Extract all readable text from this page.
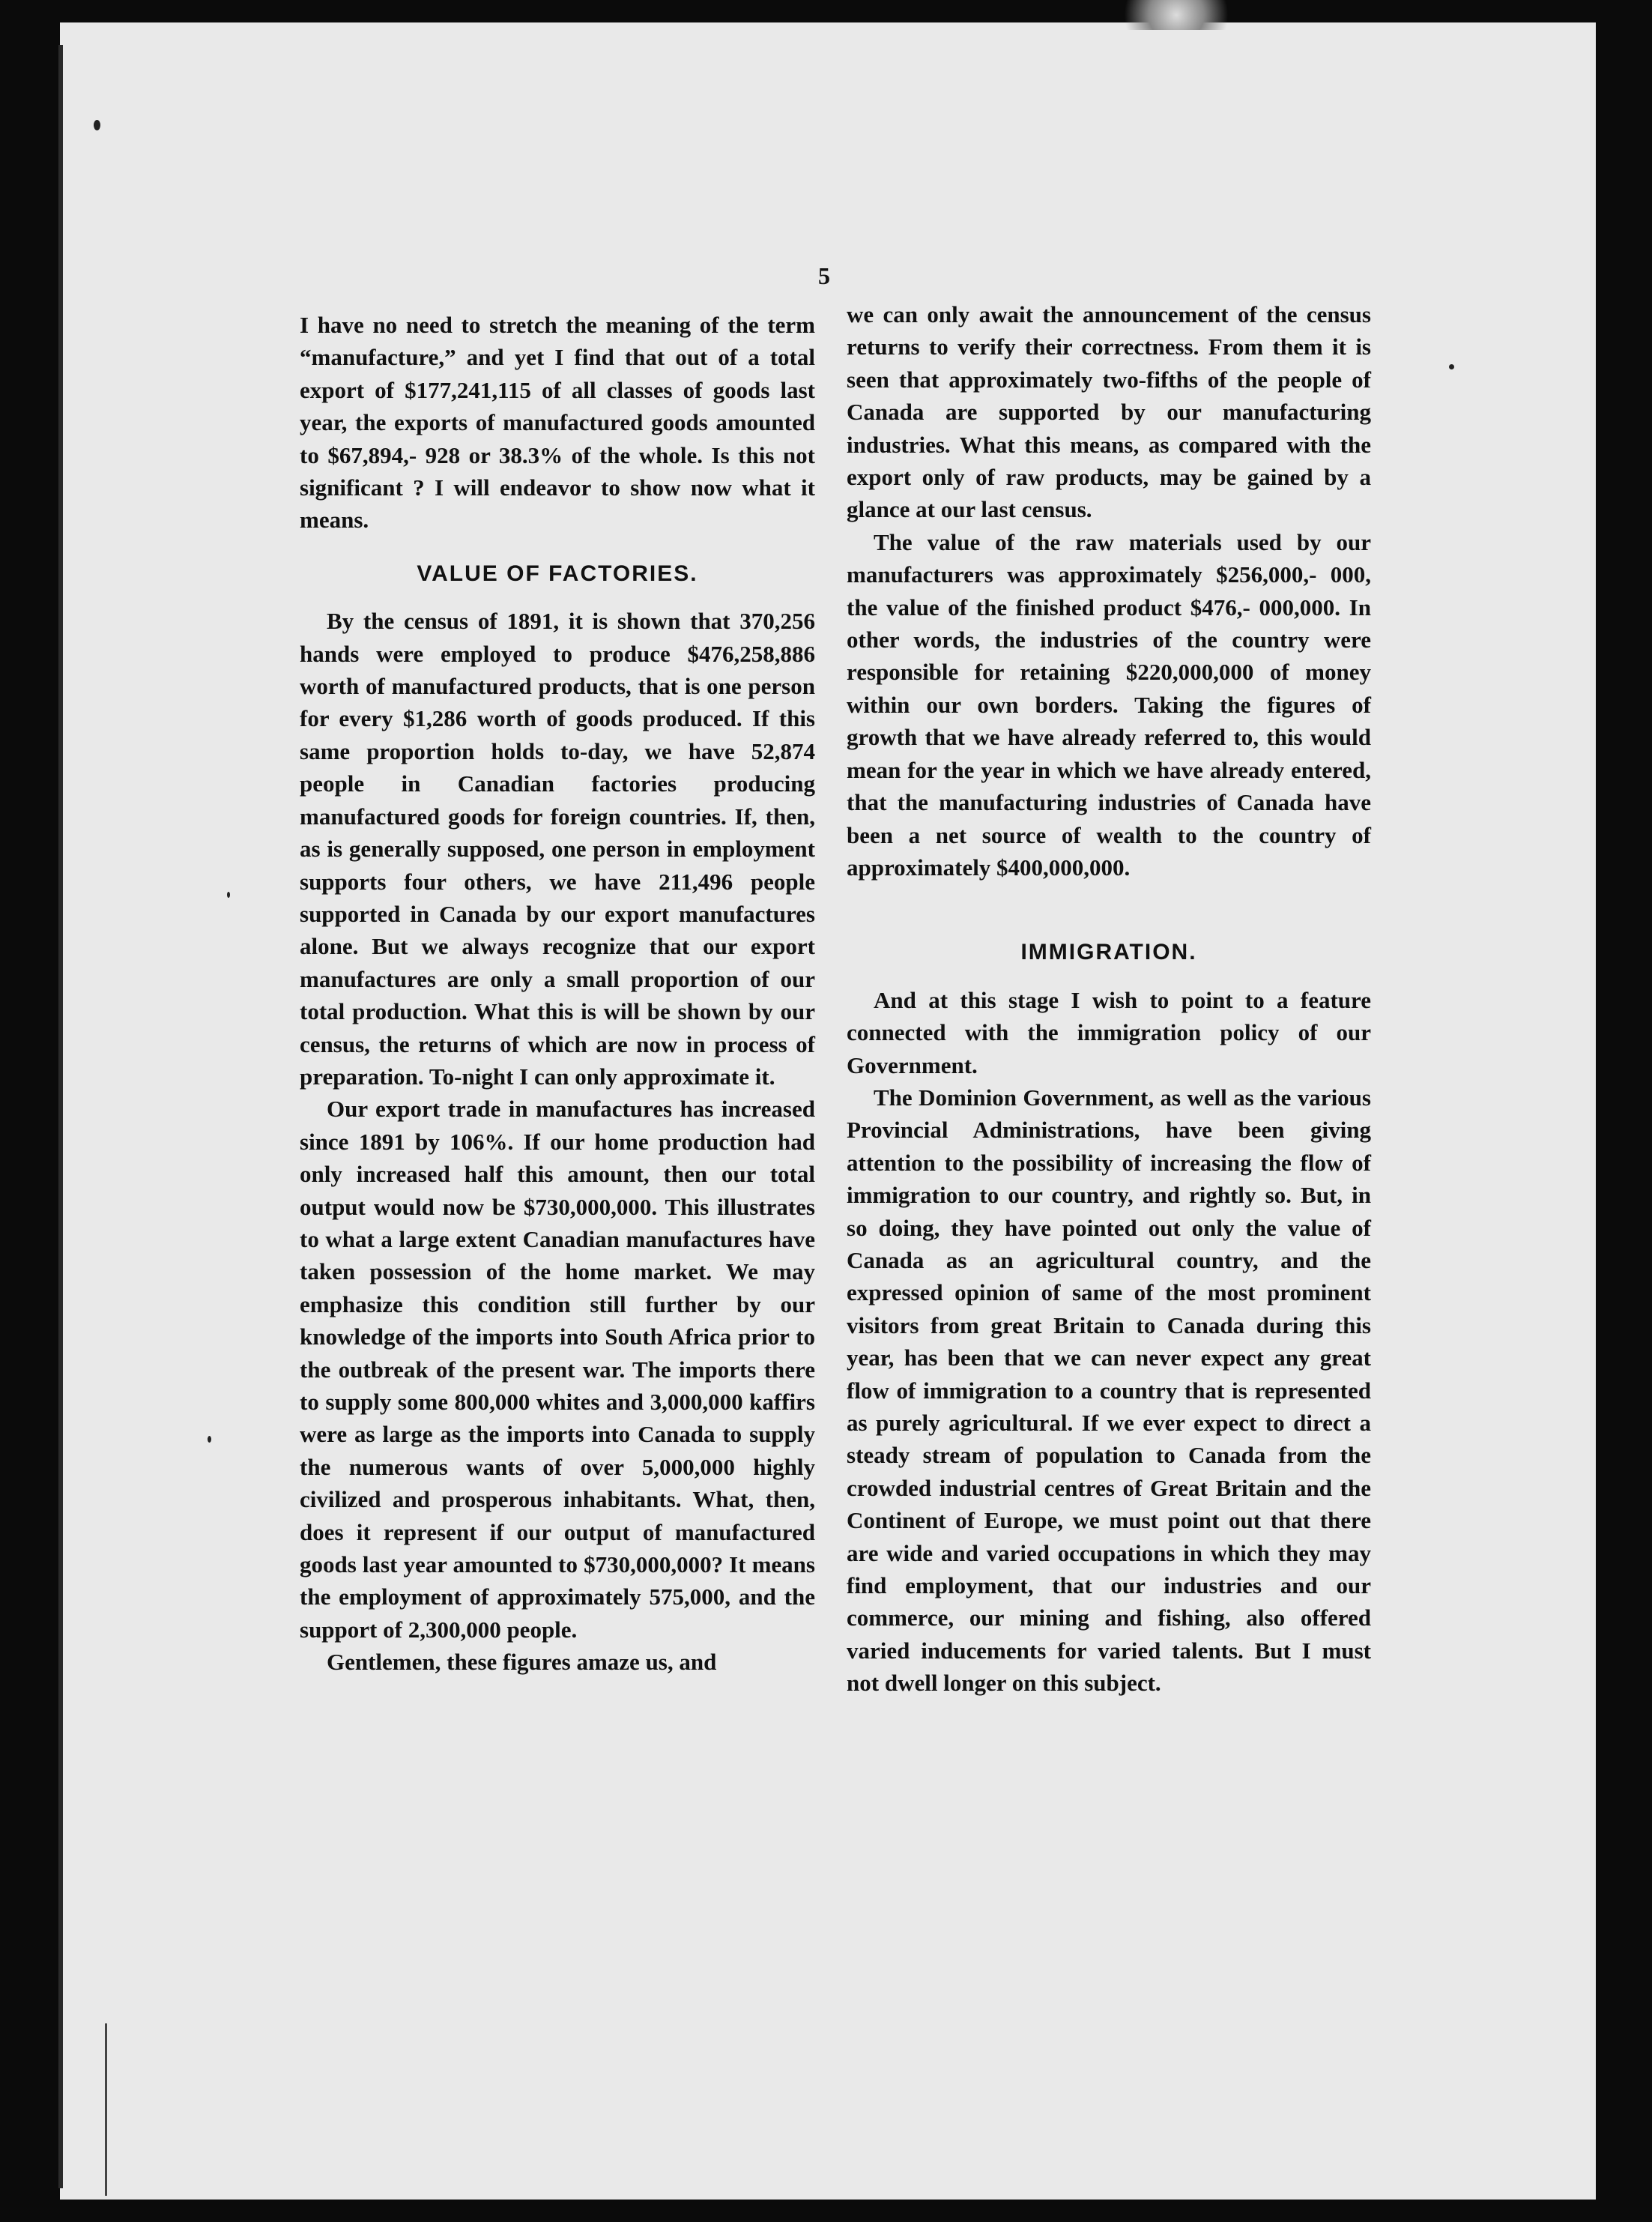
5

I have no need to stretch the meaning of the term “manufacture,” and yet I find that out of a total export of $177,241,115 of all classes of goods last year, the exports of manufactured goods amounted to $67,894,- 928 or 38.3% of the whole. Is this not significant ? I will endeavor to show now what it means.

VALUE OF FACTORIES.

By the census of 1891, it is shown that 370,256 hands were employed to produce $476,258,886 worth of manufactured products, that is one person for every $1,286 worth of goods produced. If this same proportion holds to-day, we have 52,874 people in Canadian factories producing manufactured goods for foreign countries. If, then, as is generally supposed, one person in employment supports four others, we have 211,496 people supported in Canada by our export manufactures alone. But we always recognize that our export manufactures are only a small proportion of our total production. What this is will be shown by our census, the returns of which are now in process of preparation. To-night I can only approximate it.

Our export trade in manufactures has increased since 1891 by 106%. If our home production had only increased half this amount, then our total output would now be $730,000,000. This illustrates to what a large extent Canadian manufactures have taken possession of the home market. We may emphasize this condition still further by our knowledge of the imports into South Africa prior to the outbreak of the present war. The imports there to supply some 800,000 whites and 3,000,000 kaffirs were as large as the imports into Canada to supply the numerous wants of over 5,000,000 highly civilized and prosperous inhabitants. What, then, does it represent if our output of manufactured goods last year amounted to $730,000,000? It means the employment of approximately 575,000, and the support of 2,300,000 people.

Gentlemen, these figures amaze us, and

we can only await the announcement of the census returns to verify their correctness. From them it is seen that approximately two-fifths of the people of Canada are supported by our manufacturing industries. What this means, as compared with the export only of raw products, may be gained by a glance at our last census.

The value of the raw materials used by our manufacturers was approximately $256,000,- 000, the value of the finished product $476,- 000,000. In other words, the industries of the country were responsible for retaining $220,000,000 of money within our own borders. Taking the figures of growth that we have already referred to, this would mean for the year in which we have already entered, that the manufacturing industries of Canada have been a net source of wealth to the country of approximately $400,000,000.

IMMIGRATION.

And at this stage I wish to point to a feature connected with the immigration policy of our Government.

The Dominion Government, as well as the various Provincial Administrations, have been giving attention to the possibility of increasing the flow of immigration to our country, and rightly so. But, in so doing, they have pointed out only the value of Canada as an agricultural country, and the expressed opinion of same of the most prominent visitors from great Britain to Canada during this year, has been that we can never expect any great flow of immigration to a country that is represented as purely agricultural. If we ever expect to direct a steady stream of population to Canada from the crowded industrial centres of Great Britain and the Continent of Europe, we must point out that there are wide and varied occupations in which they may find employment, that our industries and our commerce, our mining and fishing, also offered varied inducements for varied talents. But I must not dwell longer on this subject.
